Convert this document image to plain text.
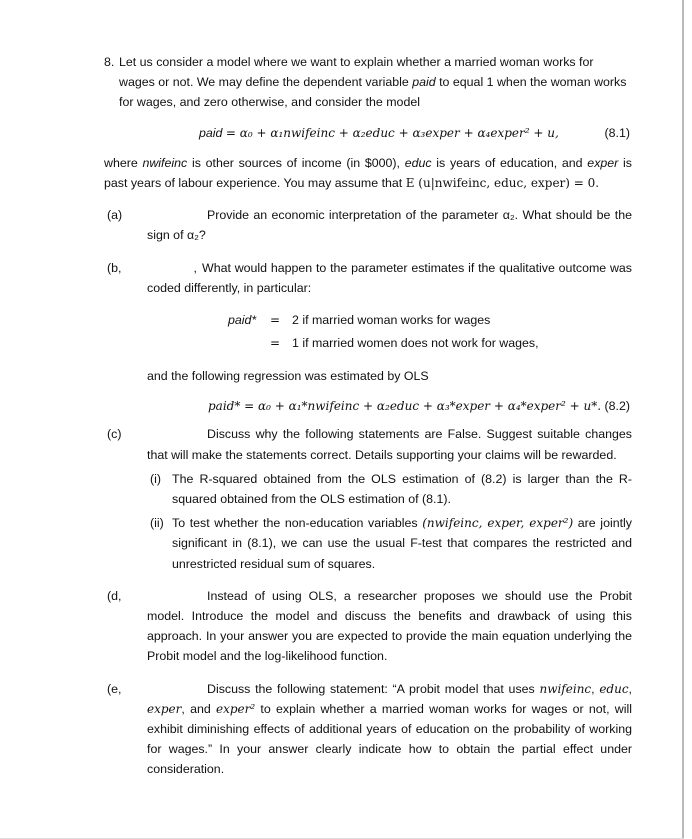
8. Let us consider a model where we want to explain whether a married woman works for wages or not. We may define the dependent variable paid to equal 1 when the woman works for wages, and zero otherwise, and consider the model
paid = α₀ + α₁nwifeinc + α₂educ + α₃exper + α₄exper² + u,	(8.1)
where nwifeinc is other sources of income (in $000), educ is years of education, and exper is past years of labour experience. You may assume that E (u|nwifeinc, educ, exper) = 0.
(a)	Provide an economic interpretation of the parameter α₂. What should be the sign of α₂?
(b,	, What would happen to the parameter estimates if the qualitative outcome was coded differently, in particular:
paid* = 2 if married woman works for wages
= 1 if married women does not work for wages,
and the following regression was estimated by OLS
paid* = α₀ + α₁*nwifeinc + α₂educ + α₃*exper + α₄*exper² + u*. (8.2)
(c)	Discuss why the following statements are False. Suggest suitable changes that will make the statements correct. Details supporting your claims will be rewarded.
(i) The R-squared obtained from the OLS estimation of (8.2) is larger than the R-squared obtained from the OLS estimation of (8.1).
(ii) To test whether the non-education variables (nwifeinc, exper, exper²) are jointly significant in (8.1), we can use the usual F-test that compares the restricted and unrestricted residual sum of squares.
(d,	Instead of using OLS, a researcher proposes we should use the Probit model. Introduce the model and discuss the benefits and drawback of using this approach. In your answer you are expected to provide the main equation underlying the Probit model and the log-likelihood function.
(e,	Discuss the following statement: “A probit model that uses nwifeinc, educ, exper, and exper² to explain whether a married woman works for wages or not, will exhibit diminishing effects of additional years of education on the probability of working for wages.” In your answer clearly indicate how to obtain the partial effect under consideration.
